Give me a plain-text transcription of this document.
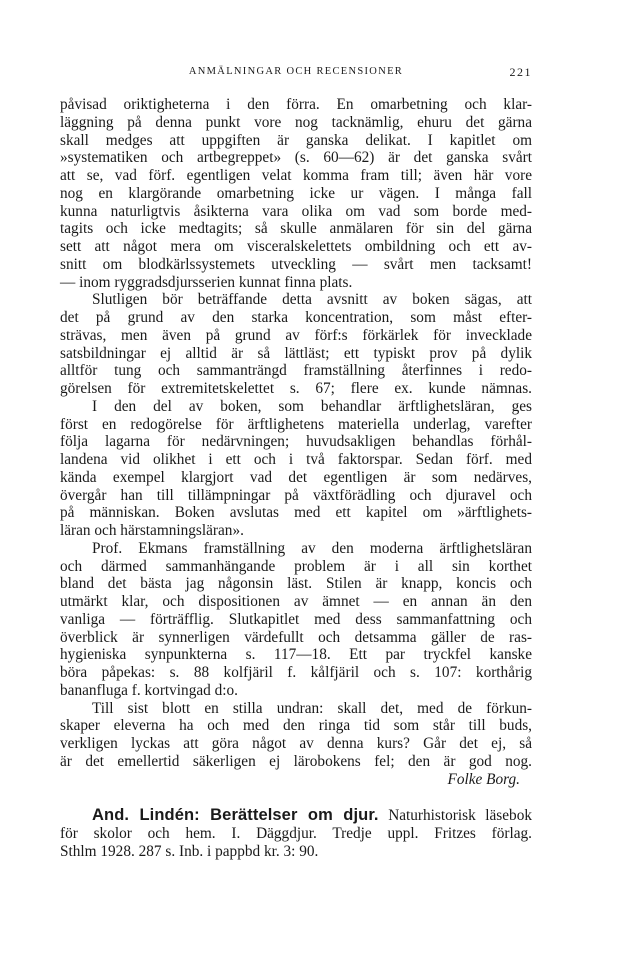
ANMÄLNINGAR OCH RECENSIONER	221
påvisad oriktigheterna i den förra. En omarbetning och klar-
läggning på denna punkt vore nog tacknämlig, ehuru det gärna
skall medges att uppgiften är ganska delikat. I kapitlet om
»systematiken och artbegreppet» (s. 60—62) är det ganska svårt
att se, vad förf. egentligen velat komma fram till; även här vore
nog en klargörande omarbetning icke ur vägen. I många fall
kunna naturligtvis åsikterna vara olika om vad som borde med-
tagits och icke medtagits; så skulle anmälaren för sin del gärna
sett att något mera om visceralskelettets ombildning och ett av-
snitt om blodkärlssystemets utveckling — svårt men tacksamt!
— inom ryggradsdjursserien kunnat finna plats.
Slutligen bör beträffande detta avsnitt av boken sägas, att
det på grund av den starka koncentration, som måst efter-
strävas, men även på grund av förf:s förkärlek för invecklade
satsbildningar ej alltid är så lättläst; ett typiskt prov på dylik
alltför tung och sammanträngd framställning återfinnes i redo-
görelsen för extremitetskelettet s. 67; flere ex. kunde nämnas.
I den del av boken, som behandlar ärftlighetsläran, ges
först en redogörelse för ärftlighetens materiella underlag, varefter
följa lagarna för nedärvningen; huvudsakligen behandlas förhål-
landena vid olikhet i ett och i två faktorspar. Sedan förf. med
kända exempel klargjort vad det egentligen är som nedärves,
övergår han till tillämpningar på växtförädling och djuravel och
på människan. Boken avslutas med ett kapitel om »ärftlighets-
läran och härstamningsläran».
Prof. Ekmans framställning av den moderna ärftlighetsläran
och därmed sammanhängande problem är i all sin korthet
bland det bästa jag någonsin läst. Stilen är knapp, koncis och
utmärkt klar, och dispositionen av ämnet — en annan än den
vanliga — förträfflig. Slutkapitlet med dess sammanfattning och
överblick är synnerligen värdefullt och detsamma gäller de ras-
hygieniska synpunkterna s. 117—18. Ett par tryckfel kanske
böra påpekas: s. 88 kolfjäril f. kålfjäril och s. 107: korthårig
bananfluga f. kortvingad d:o.
Till sist blott en stilla undran: skall det, med de förkun-
skaper eleverna ha och med den ringa tid som står till buds,
verkligen lyckas att göra något av denna kurs? Går det ej, så
är det emellertid säkerligen ej lärobokens fel; den är god nog.
Folke Borg.
And. Lindén: Berättelser om djur. Naturhistorisk läsebok
för skolor och hem. I. Däggdjur. Tredje uppl. Fritzes förlag.
Sthlm 1928. 287 s. Inb. i pappbd kr. 3: 90.
